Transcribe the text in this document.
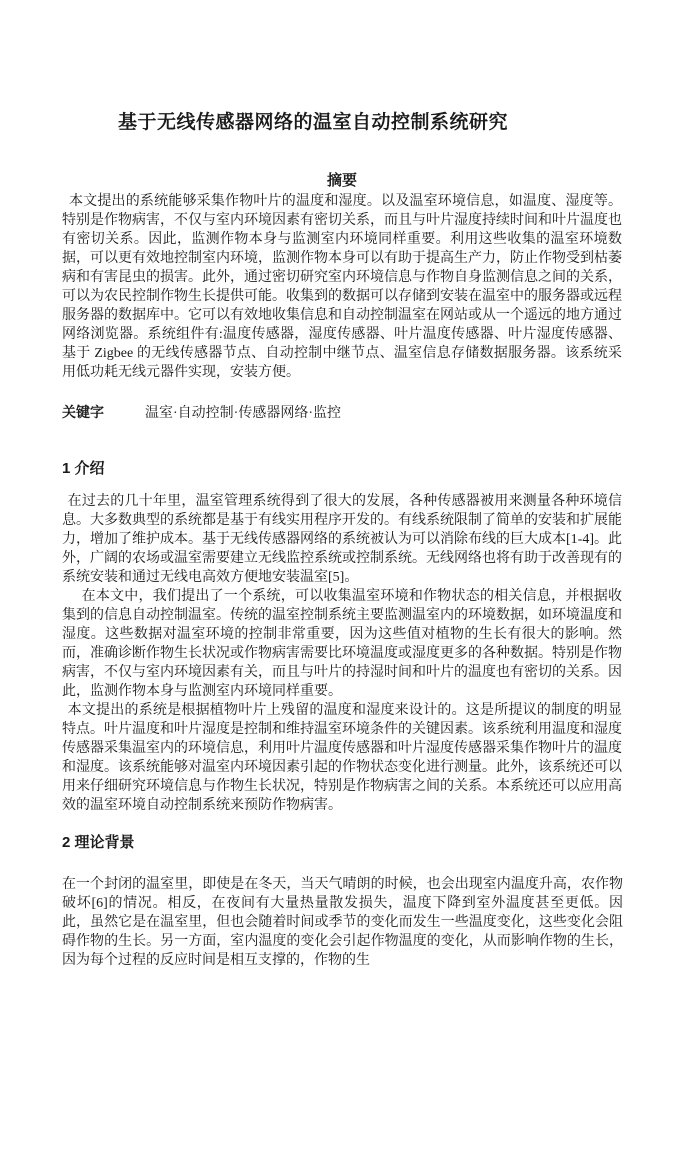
基于无线传感器网络的温室自动控制系统研究
摘要

本文提出的系统能够采集作物叶片的温度和湿度。以及温室环境信息，如温度、湿度等。特别是作物病害，不仅与室内环境因素有密切关系，而且与叶片湿度持续时间和叶片温度也有密切关系。因此，监测作物本身与监测室内环境同样重要。利用这些收集的温室环境数据，可以更有效地控制室内环境，监测作物本身可以有助于提高生产力，防止作物受到枯萎病和有害昆虫的损害。此外，通过密切研究室内环境信息与作物自身监测信息之间的关系，可以为农民控制作物生长提供可能。收集到的数据可以存储到安装在温室中的服务器或远程服务器的数据库中。它可以有效地收集信息和自动控制温室在网站或从一个遥远的地方通过网络浏览器。系统组件有:温度传感器，湿度传感器、叶片温度传感器、叶片湿度传感器、基于 Zigbee 的无线传感器节点、自动控制中继节点、温室信息存储数据服务器。该系统采用低功耗无线元器件实现，安装方便。

关键字	温室·自动控制·传感器网络·监控
1 介绍

在过去的几十年里，温室管理系统得到了很大的发展，各种传感器被用来测量各种环境信息。大多数典型的系统都是基于有线实用程序开发的。有线系统限制了简单的安装和扩展能力，增加了维护成本。基于无线传感器网络的系统被认为可以消除布线的巨大成本[1-4]。此外，广阔的农场或温室需要建立无线监控系统或控制系统。无线网络也将有助于改善现有的系统安装和通过无线电高效方便地安装温室[5]。

在本文中，我们提出了一个系统，可以收集温室环境和作物状态的相关信息，并根据收集到的信息自动控制温室。传统的温室控制系统主要监测温室内的环境数据，如环境温度和湿度。这些数据对温室环境的控制非常重要，因为这些值对植物的生长有很大的影响。然而，准确诊断作物生长状况或作物病害需要比环境温度或湿度更多的各种数据。特别是作物病害，不仅与室内环境因素有关，而且与叶片的持湿时间和叶片的温度也有密切的关系。因此，监测作物本身与监测室内环境同样重要。

本文提出的系统是根据植物叶片上残留的温度和湿度来设计的。这是所提议的制度的明显特点。叶片温度和叶片湿度是控制和维持温室环境条件的关键因素。该系统利用温度和湿度传感器采集温室内的环境信息，利用叶片温度传感器和叶片湿度传感器采集作物叶片的温度和湿度。该系统能够对温室内环境因素引起的作物状态变化进行测量。此外，该系统还可以用来仔细研究环境信息与作物生长状况，特别是作物病害之间的关系。本系统还可以应用高效的温室环境自动控制系统来预防作物病害。

2 理论背景

在一个封闭的温室里，即使是在冬天，当天气晴朗的时候，也会出现室内温度升高，农作物破坏[6]的情况。相反，在夜间有大量热量散发损失，温度下降到室外温度甚至更低。因此，虽然它是在温室里，但也会随着时间或季节的变化而发生一些温度变化，这些变化会阻碍作物的生长。另一方面，室内温度的变化会引起作物温度的变化，从而影响作物的生长，因为每个过程的反应时间是相互支撑的，作物的生
